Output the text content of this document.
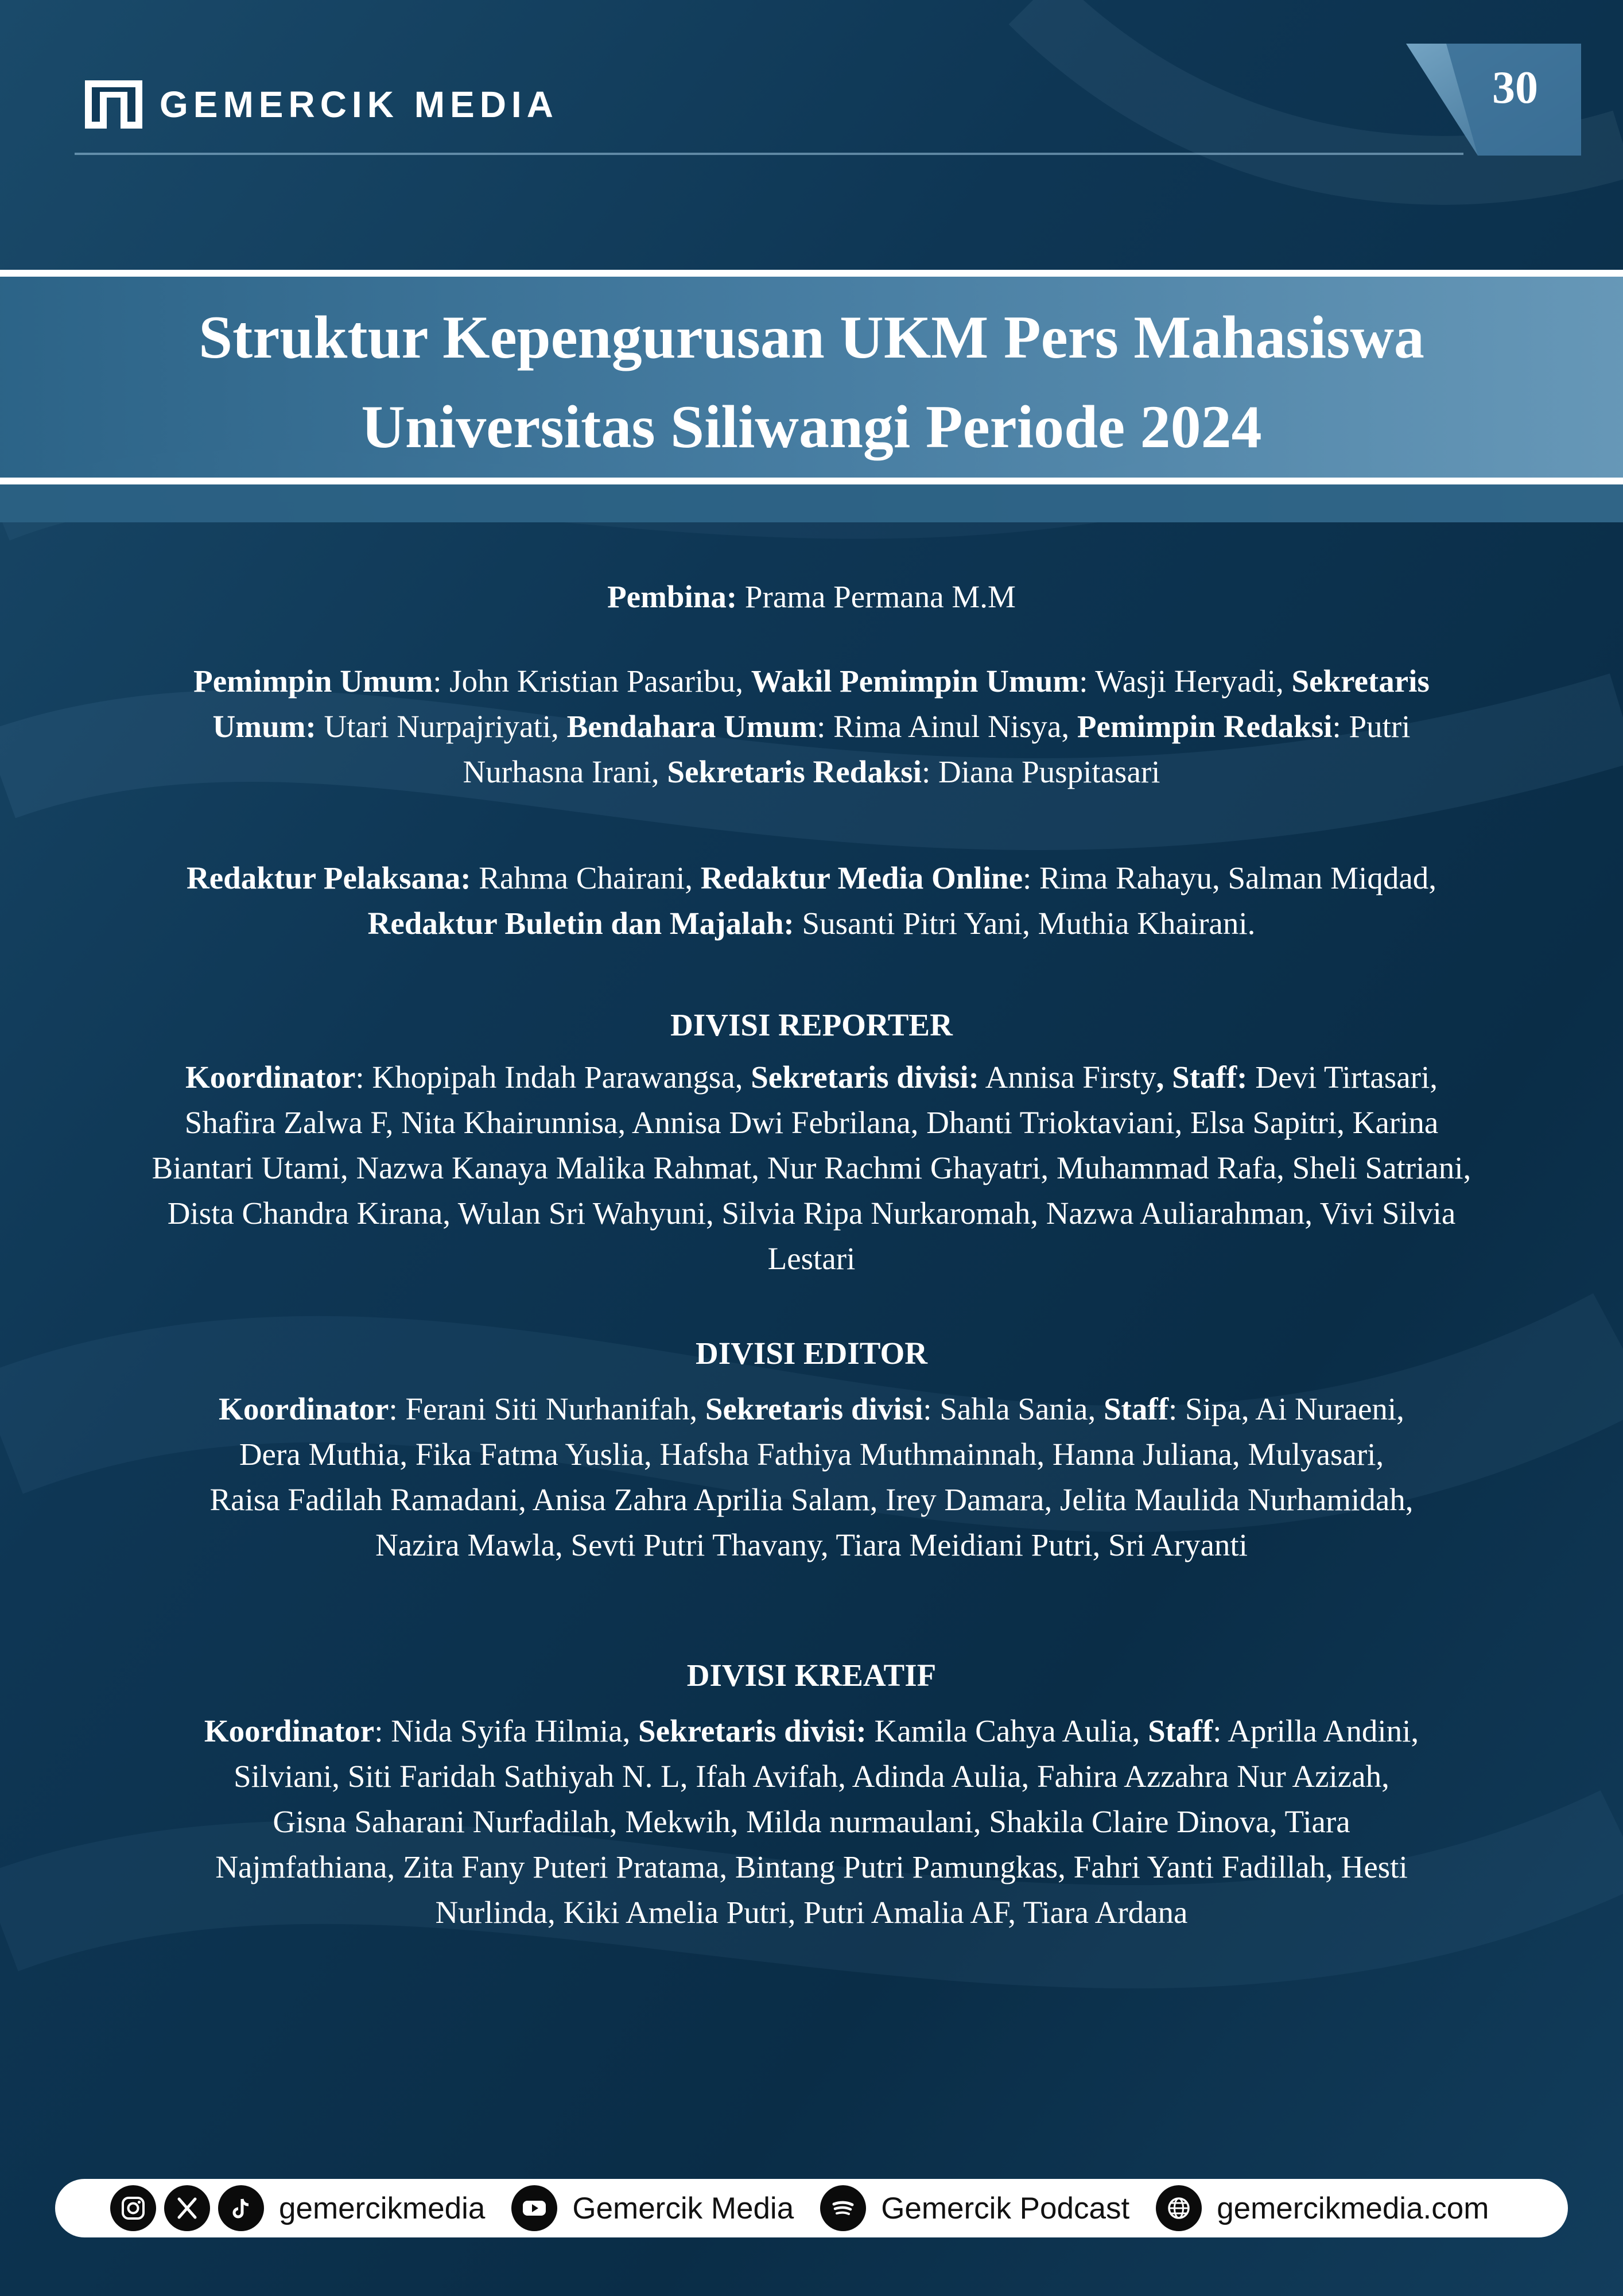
GEMERCIK MEDIA	30
Struktur Kepengurusan UKM Pers Mahasiswa
Universitas Siliwangi Periode 2024

Pembina: Prama Permana M.M

Pemimpin Umum: John Kristian Pasaribu, Wakil Pemimpin Umum: Wasji Heryadi, Sekretaris Umum: Utari Nurpajriyati, Bendahara Umum: Rima Ainul Nisya, Pemimpin Redaksi: Putri Nurhasna Irani, Sekretaris Redaksi: Diana Puspitasari

Redaktur Pelaksana: Rahma Chairani, Redaktur Media Online: Rima Rahayu, Salman Miqdad, Redaktur Buletin dan Majalah: Susanti Pitri Yani, Muthia Khairani.

DIVISI REPORTER

Koordinator: Khopipah Indah Parawangsa, Sekretaris divisi: Annisa Firsty, Staff: Devi Tirtasari, Shafira Zalwa F, Nita Khairunnisa, Annisa Dwi Febrilana, Dhanti Trioktaviani, Elsa Sapitri, Karina Biantari Utami, Nazwa Kanaya Malika Rahmat, Nur Rachmi Ghayatri, Muhammad Rafa, Sheli Satriani, Dista Chandra Kirana, Wulan Sri Wahyuni, Silvia Ripa Nurkaromah, Nazwa Auliarahman, Vivi Silvia Lestari

DIVISI EDITOR

Koordinator: Ferani Siti Nurhanifah, Sekretaris divisi: Sahla Sania, Staff: Sipa, Ai Nuraeni, Dera Muthia, Fika Fatma Yuslia, Hafsha Fathiya Muthmainnah, Hanna Juliana, Mulyasari, Raisa Fadilah Ramadani, Anisa Zahra Aprilia Salam, Irey Damara, Jelita Maulida Nurhamidah, Nazira Mawla, Sevti Putri Thavany, Tiara Meidiani Putri, Sri Aryanti

DIVISI KREATIF

Koordinator: Nida Syifa Hilmia, Sekretaris divisi: Kamila Cahya Aulia, Staff: Aprilla Andini, Silviani, Siti Faridah Sathiyah N. L, Ifah Avifah, Adinda Aulia, Fahira Azzahra Nur Azizah, Gisna Saharani Nurfadilah, Mekwih, Milda nurmaulani, Shakila Claire Dinova, Tiara Najmfathiana, Zita Fany Puteri Pratama, Bintang Putri Pamungkas, Fahri Yanti Fadillah, Hesti Nurlinda, Kiki Amelia Putri, Putri Amalia AF, Tiara Ardana

gemercikmedia	Gemercik Media	Gemercik Podcast	gemercikmedia.com
